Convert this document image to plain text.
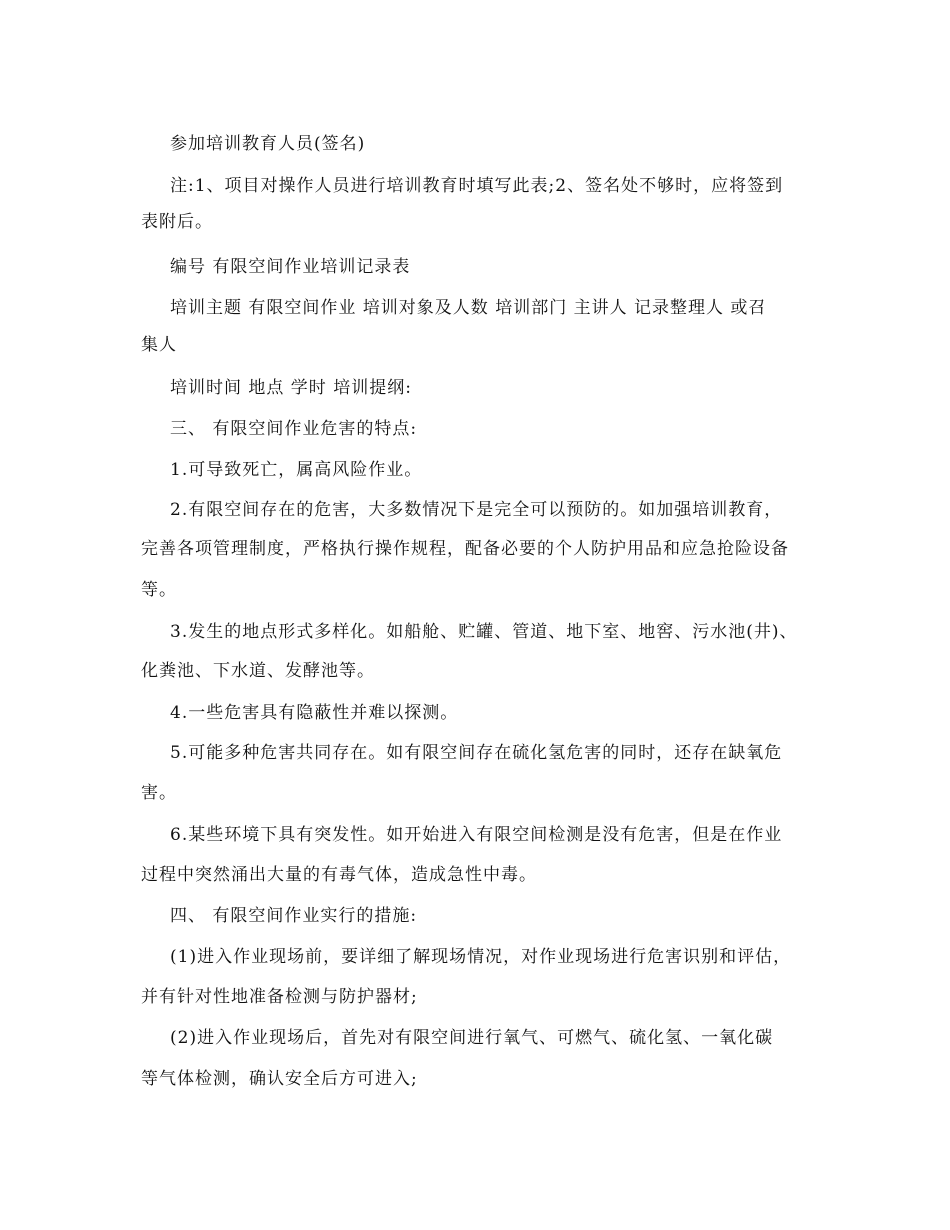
参加培训教育人员(签名)
注:1、项目对操作人员进行培训教育时填写此表;2、签名处不够时，应将签到
表附后。
编号 有限空间作业培训记录表
培训主题 有限空间作业 培训对象及人数 培训部门 主讲人 记录整理人 或召
集人
培训时间 地点 学时 培训提纲:
三、 有限空间作业危害的特点:
1.可导致死亡，属高风险作业。
2.有限空间存在的危害，大多数情况下是完全可以预防的。如加强培训教育，
完善各项管理制度，严格执行操作规程，配备必要的个人防护用品和应急抢险设备
等。
3.发生的地点形式多样化。如船舱、贮罐、管道、地下室、地窖、污水池(井)、
化粪池、下水道、发酵池等。
4.一些危害具有隐蔽性并难以探测。
5.可能多种危害共同存在。如有限空间存在硫化氢危害的同时，还存在缺氧危
害。
6.某些环境下具有突发性。如开始进入有限空间检测是没有危害，但是在作业
过程中突然涌出大量的有毒气体，造成急性中毒。
四、 有限空间作业实行的措施:
(1)进入作业现场前，要详细了解现场情况，对作业现场进行危害识别和评估，
并有针对性地准备检测与防护器材;
(2)进入作业现场后，首先对有限空间进行氧气、可燃气、硫化氢、一氧化碳
等气体检测，确认安全后方可进入;
